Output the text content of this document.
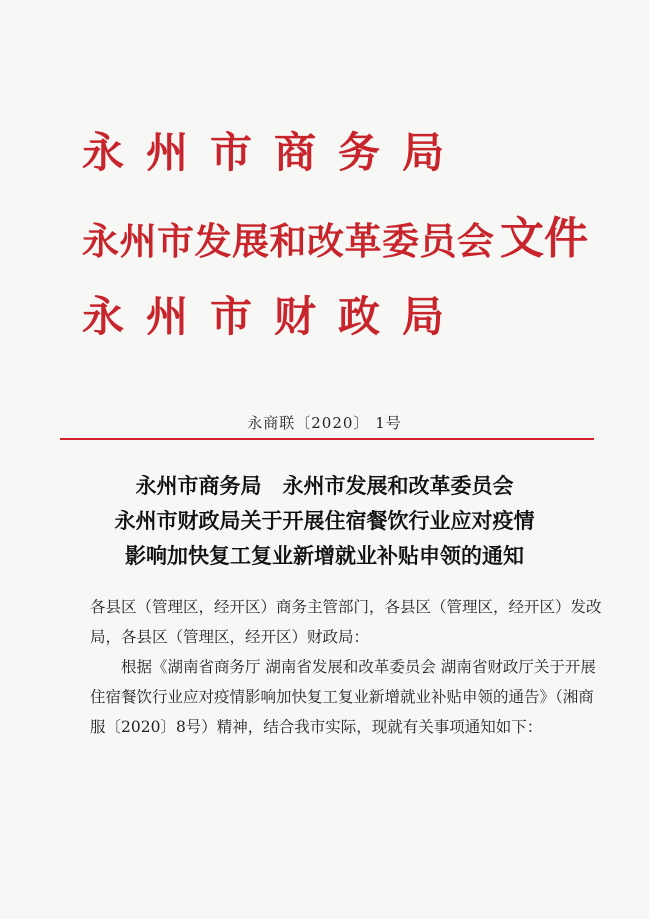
永州市商务局
永州市发展和改革委员会
永州市财政局
文件
永商联〔2020〕 1号
永州市商务局　永州市发展和改革委员会
永州市财政局关于开展住宿餐饮行业应对疫情
影响加快复工复业新增就业补贴申领的通知

各县区（管理区，经开区）商务主管部门，各县区（管理区，经开区）发改局，各县区（管理区，经开区）财政局：

根据《湖南省商务厅 湖南省发展和改革委员会 湖南省财政厅关于开展住宿餐饮行业应对疫情影响加快复工复业新增就业补贴申领的通告》（湘商服〔2020〕8号）精神，结合我市实际，现就有关事项通知如下：
